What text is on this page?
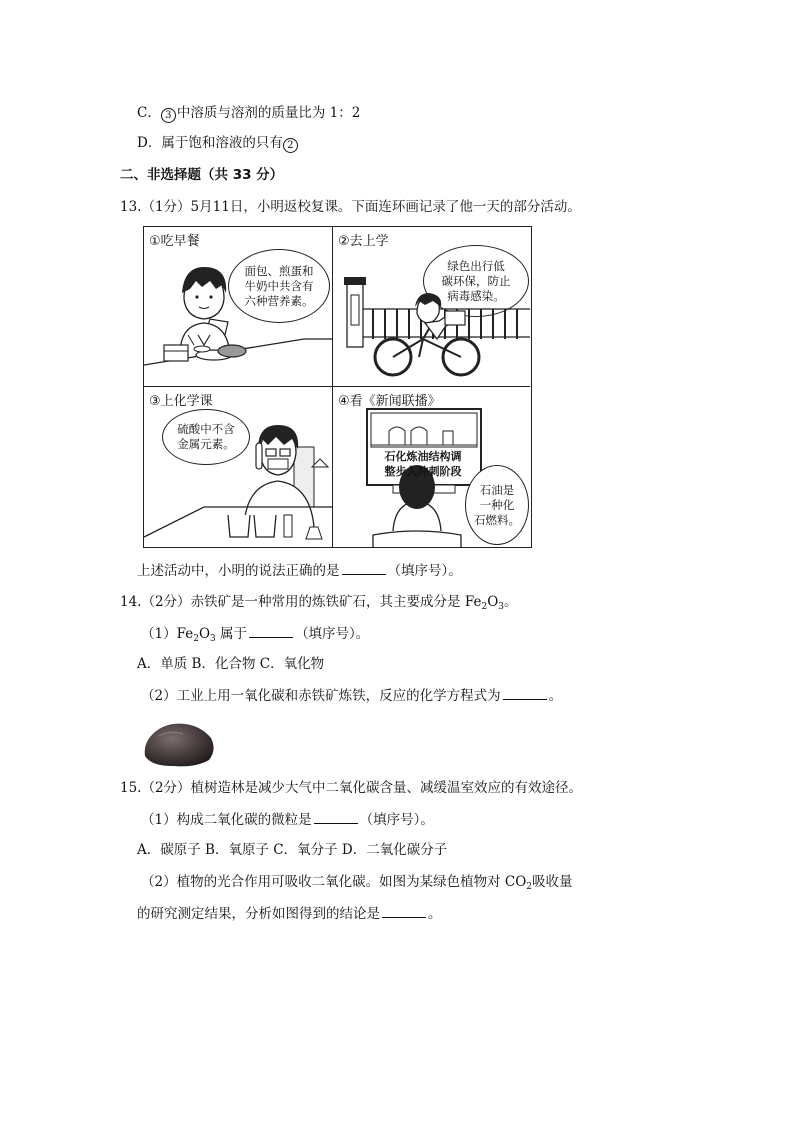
C． 3 中溶质与溶剂的质量比为 1：2
D．属于饱和溶液的只有 2
二、非选择题（共 33 分）
13.（1分）5月11日，小明返校复课。下面连环画记录了他一天的部分活动。
①吃早餐
面包、煎蛋和
牛奶中共含有
六种营养素。
②去上学
绿色出行低
碳环保，防止
病毒感染。
③上化学课
硫酸中不含
金属元素。
④看《新闻联播》
石化炼油结构调
整步入冲刺阶段
石油是
一种化
石燃料。
上述活动中，小明的说法正确的是	（填序号）。
14.（2分）赤铁矿是一种常用的炼铁矿石，其主要成分是 $Fe_2O_3$。
$(1)Fe_2O_3$ 属于	（填序号）。
A．单质 B．化合物 C．氧化物
（2）工业上用一氧化碳和赤铁矿炼铁，反应的化学方程式为	。
15.（2分）植树造林是减少大气中二氧化碳含量、减缓温室效应的有效途径。
（1）构成二氧化碳的微粒是	（填序号）。
A．碳原子 B．氧原子 C．氧分子 D．二氧化碳分子
（2）植物的光合作用可吸收二氧化碳。如图为某绿色植物对 $CO_2$吸收量
的研究测定结果，分析如图得到的结论是	。
